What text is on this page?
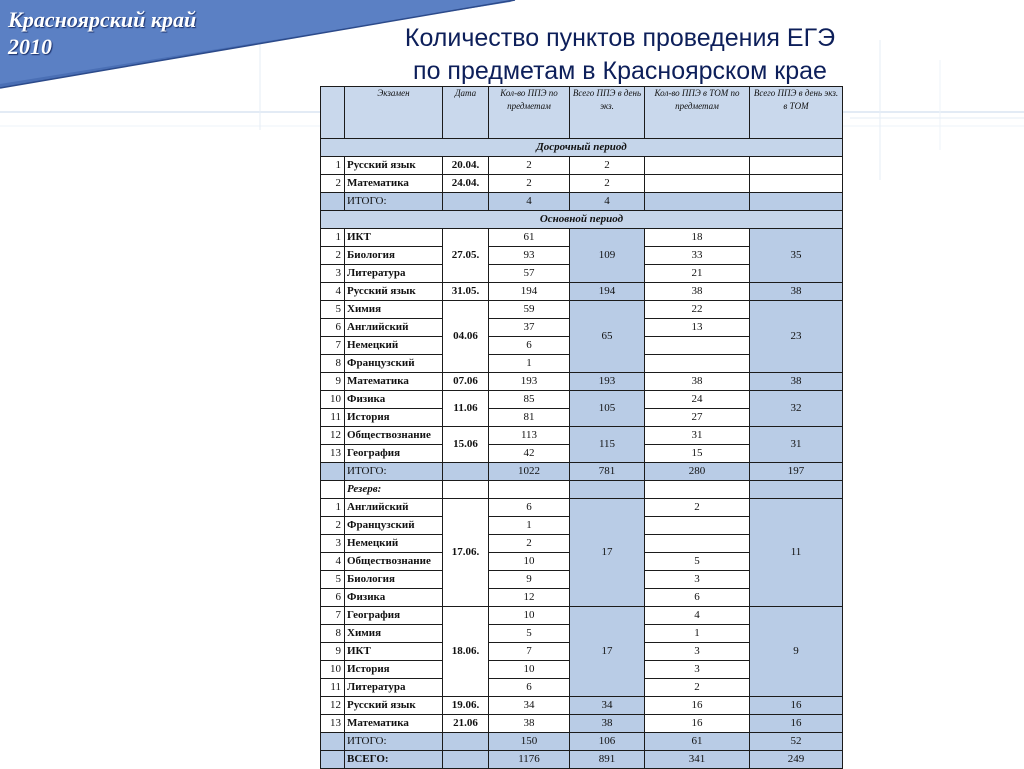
Красноярский край
2010	Количество пунктов проведения ЕГЭ
по предметам в Красноярском крае
	Экзамен	Дата	Кол-во ППЭ по предметам	Всего ППЭ в день экз.	Кол-во ППЭ в ТОМ по предметам	Всего ППЭ в день экз. в ТОМ
Досрочный период						
1	Русский язык	20.04.	2	2		
2	Математика	24.04.	2	2		
	ИТОГО:		4	4		
Основной период						
1	ИКТ	27.05.	61	109	18	35
2	Биология		93		33	
3	Литература		57		21	
4	Русский язык	31.05.	194	194	38	38
5	Химия	04.06	59	65	22	23
6	Английский		37		13	
7	Немецкий		6			
8	Французский		1			
9	Математика	07.06	193	193	38	38
10	Физика	11.06	85	105	24	32
11	История		81		27	
12	Обществознание	15.06	113	115	31	31
13	География		42		15	
	ИТОГО:		1022	781	280	197
	Резерв:					
1	Английский	17.06.	6	17	2	11
2	Французский		1			
3	Немецкий		2			
4	Обществознание		10		5	
5	Биология		9		3	
6	Физика		12		6	
7	География	18.06.	10	17	4	9
8	Химия		5		1	
9	ИКТ		7		3	
10	История		10		3	
11	Литература		6		2	
12	Русский язык	19.06.	34	34	16	16
13	Математика	21.06	38	38	16	16
	ИТОГО:		150	106	61	52
	ВСЕГО:		1176	891	341	249
